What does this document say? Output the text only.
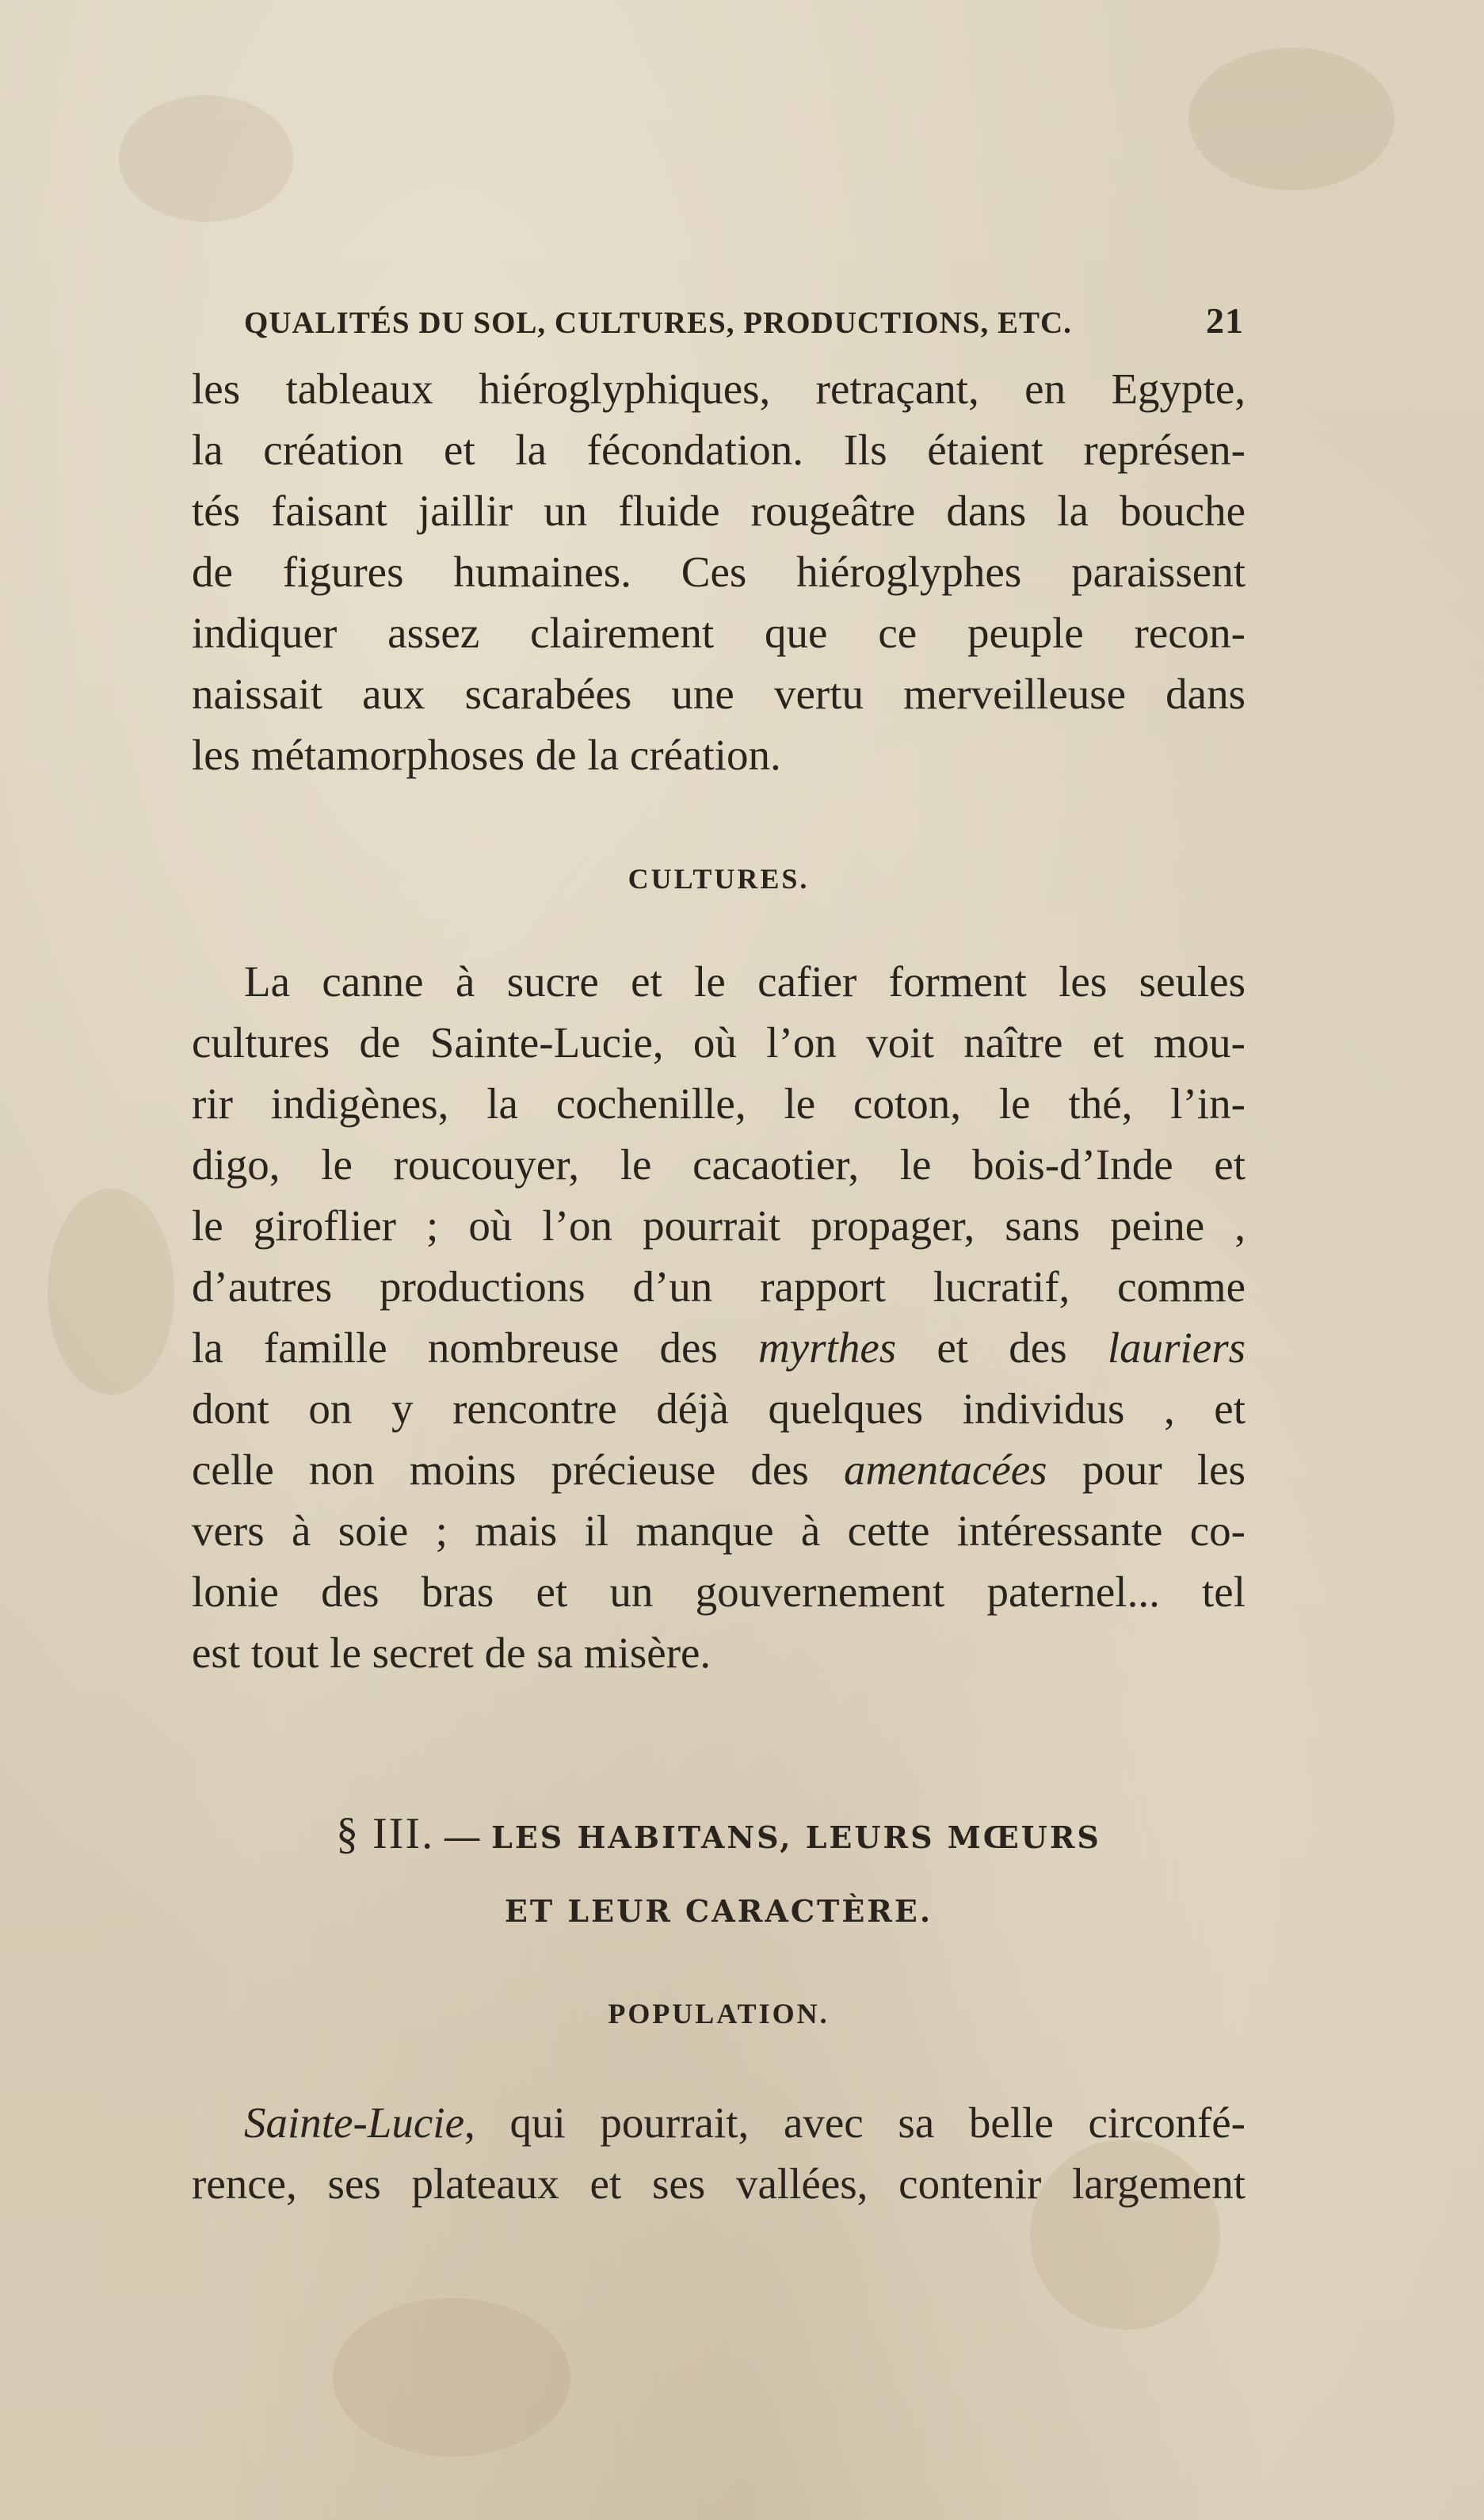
QUALITÉS DU SOL, CULTURES, PRODUCTIONS, ETC.	21
les tableaux hiéroglyphiques, retraçant, en Egypte,
la création et la fécondation. Ils étaient représen-
tés faisant jaillir un fluide rougeâtre dans la bouche
de figures humaines. Ces hiéroglyphes paraissent
indiquer assez clairement que ce peuple recon-
naissait aux scarabées une vertu merveilleuse dans
les métamorphoses de la création.
CULTURES.
La canne à sucre et le cafier forment les seules
cultures de Sainte-Lucie, où l’on voit naître et mou-
rir indigènes, la cochenille, le coton, le thé, l’in-
digo, le roucouyer, le cacaotier, le bois-d’Inde et
le giroflier ; où l’on pourrait propager, sans peine ,
d’autres productions d’un rapport lucratif, comme
la famille nombreuse des myrthes et des lauriers
dont on y rencontre déjà quelques individus , et
celle non moins précieuse des amentacées pour les
vers à soie ; mais il manque à cette intéressante co-
lonie des bras et un gouvernement paternel... tel
est tout le secret de sa misère.
§ III. — LES HABITANS, LEURS MŒURS
ET LEUR CARACTÈRE.
POPULATION.
Sainte-Lucie, qui pourrait, avec sa belle circonfé-
rence, ses plateaux et ses vallées, contenir largement
